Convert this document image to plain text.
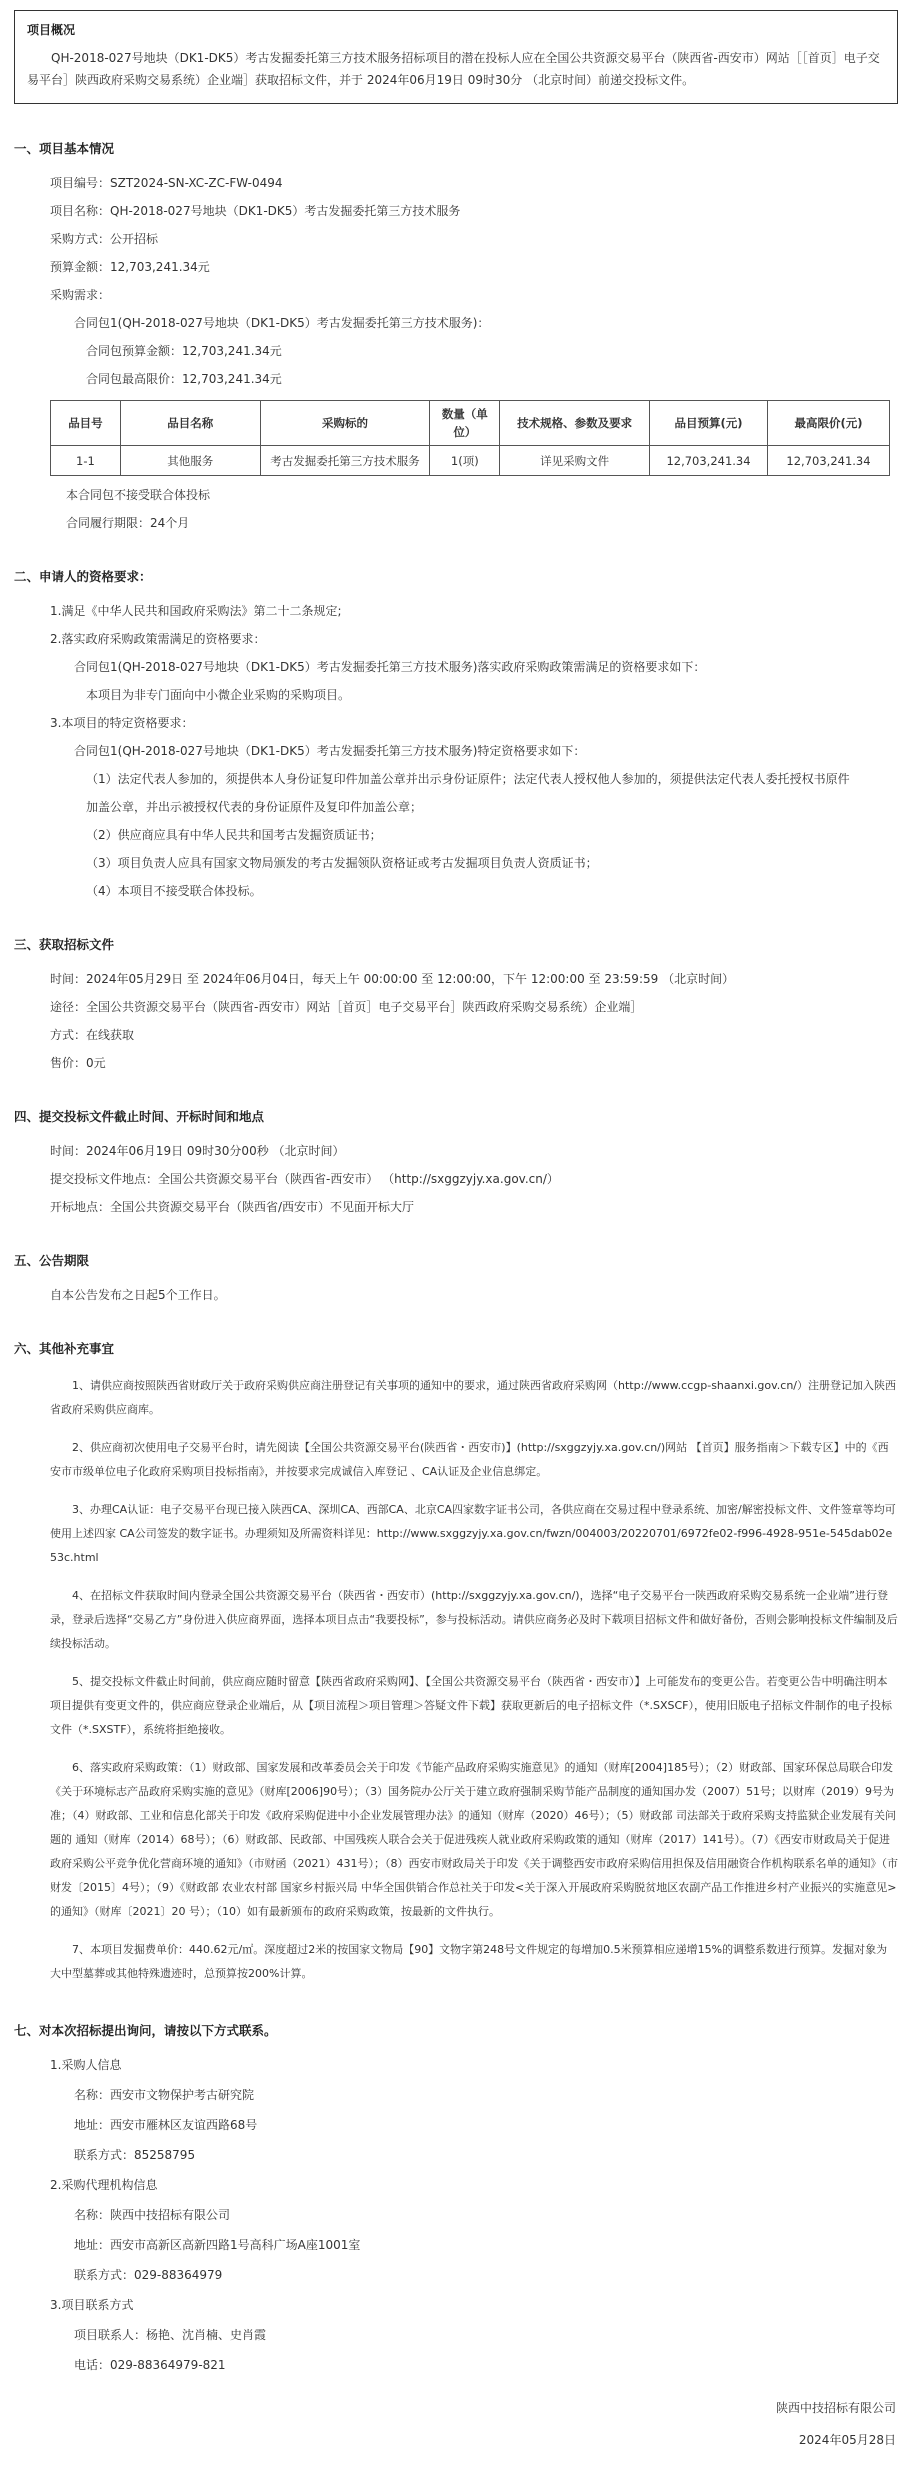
项目概况
QH-2018-027号地块（DK1-DK5）考古发掘委托第三方技术服务招标项目的潜在投标人应在全国公共资源交易平台（陕西省-西安市）网站［［首页］电子交易平台］陕西政府采购交易系统）企业端］获取招标文件，并于 2024年06月19日 09时30分 （北京时间）前递交投标文件。
一、项目基本情况
项目编号：SZT2024-SN-XC-ZC-FW-0494
项目名称：QH-2018-027号地块（DK1-DK5）考古发掘委托第三方技术服务
采购方式：公开招标
预算金额：12,703,241.34元
采购需求：
合同包1(QH-2018-027号地块（DK1-DK5）考古发掘委托第三方技术服务)：
合同包预算金额：12,703,241.34元
合同包最高限价：12,703,241.34元
品目号	品目名称	采购标的	数量（单位）	技术规格、参数及要求	品目预算(元)	最高限价(元)
1-1	其他服务	考古发掘委托第三方技术服务	1(项)	详见采购文件	12,703,241.34	12,703,241.34
本合同包不接受联合体投标
合同履行期限：24个月
二、申请人的资格要求：
1.满足《中华人民共和国政府采购法》第二十二条规定;
2.落实政府采购政策需满足的资格要求：
合同包1(QH-2018-027号地块（DK1-DK5）考古发掘委托第三方技术服务)落实政府采购政策需满足的资格要求如下：
本项目为非专门面向中小微企业采购的采购项目。
3.本项目的特定资格要求：
合同包1(QH-2018-027号地块（DK1-DK5）考古发掘委托第三方技术服务)特定资格要求如下：
（1）法定代表人参加的，须提供本人身份证复印件加盖公章并出示身份证原件；法定代表人授权他人参加的，须提供法定代表人委托授权书原件
加盖公章，并出示被授权代表的身份证原件及复印件加盖公章；
（2）供应商应具有中华人民共和国考古发掘资质证书；
（3）项目负责人应具有国家文物局颁发的考古发掘领队资格证或考古发掘项目负责人资质证书；
（4）本项目不接受联合体投标。
三、获取招标文件
时间：2024年05月29日 至 2024年06月04日，每天上午 00:00:00 至 12:00:00，下午 12:00:00 至 23:59:59 （北京时间）
途径：全国公共资源交易平台（陕西省-西安市）网站［首页］电子交易平台］陕西政府采购交易系统）企业端］
方式：在线获取
售价：0元
四、提交投标文件截止时间、开标时间和地点
时间：2024年06月19日 09时30分00秒 （北京时间）
提交投标文件地点：全国公共资源交易平台（陕西省-西安市） （http://sxggzyjy.xa.gov.cn/）
开标地点：全国公共资源交易平台（陕西省/西安市）不见面开标大厅
五、公告期限
自本公告发布之日起5个工作日。
六、其他补充事宜

1、请供应商按照陕西省财政厅关于政府采购供应商注册登记有关事项的通知中的要求，通过陕西省政府采购网（http://www.ccgp-shaanxi.gov.cn/）注册登记加入陕西省政府采购供应商库。

2、供应商初次使用电子交易平台时，请先阅读【全国公共资源交易平台(陕西省・西安市)】(http://sxggzyjy.xa.gov.cn/)网站 【首页】服务指南＞下载专区】中的《西安市市级单位电子化政府采购项目投标指南》，并按要求完成诚信入库登记 、CA认证及企业信息绑定。

3、办理CA认证：电子交易平台现已接入陕西CA、深圳CA、西部CA、北京CA四家数字证书公司，各供应商在交易过程中登录系统、加密/解密投标文件、文件签章等均可使用上述四家 CA公司签发的数字证书。办理须知及所需资料详见：http://www.sxggzyjy.xa.gov.cn/fwzn/004003/20220701/6972fe02-f996-4928-951e-545dab02e53c.html

4、在招标文件获取时间内登录全国公共资源交易平台（陕西省・西安市）(http://sxggzyjy.xa.gov.cn/)，选择“电子交易平台一陕西政府采购交易系统一企业端”进行登录，登录后选择“交易乙方”身份进入供应商界面，选择本项目点击“我要投标”，参与投标活动。请供应商务必及时下载项目招标文件和做好备份，否则会影响投标文件编制及后续投标活动。

5、提交投标文件截止时间前，供应商应随时留意【陕西省政府采购网】、【全国公共资源交易平台（陕西省・西安市）】上可能发布的变更公告。若变更公告中明确注明本项目提供有变更文件的，供应商应登录企业端后，从【项目流程＞项目管理＞答疑文件下载】获取更新后的电子招标文件（*.SXSCF），使用旧版电子招标文件制作的电子投标文件（*.SXSTF），系统将拒绝接收。

6、落实政府采购政策：（1）财政部、国家发展和改革委员会关于印发《节能产品政府采购实施意见》的通知（财库[2004]185号）；（2）财政部、国家环保总局联合印发《关于环境标志产品政府采购实施的意见》（财库[2006]90号）；（3）国务院办公厅关于建立政府强制采购节能产品制度的通知国办发（2007）51号；以财库（2019）9号为准；（4）财政部、工业和信息化部关于印发《政府采购促进中小企业发展管理办法》的通知（财库（2020）46号）；（5）财政部 司法部关于政府采购支持监狱企业发展有关问题的 通知（财库（2014）68号）；（6）财政部、民政部、中国残疾人联合会关于促进残疾人就业政府采购政策的通知（财库（2017）141号）。（7）《西安市财政局关于促进政府采购公平竞争优化营商环境的通知》（市财函（2021）431号）；（8）西安市财政局关于印发《关于调整西安市政府采购信用担保及信用融资合作机构联系名单的通知》（市财发〔2015〕4号）；（9）《财政部 农业农村部 国家乡村振兴局 中华全国供销合作总社关于印发<关于深入开展政府采购脱贫地区农副产品工作推进乡村产业振兴的实施意见>的通知》（财库〔2021〕20 号）；（10）如有最新颁布的政府采购政策，按最新的文件执行。

7、本项目发掘费单价：440.62元/㎡。深度超过2米的按国家文物局【90】文物字第248号文件规定的每增加0.5米预算相应递增15%的调整系数进行预算。发掘对象为大中型墓葬或其他特殊遗迹时，总预算按200%计算。

七、对本次招标提出询问，请按以下方式联系。
1.采购人信息
名称：西安市文物保护考古研究院
地址：西安市雁林区友谊西路68号
联系方式：85258795
2.采购代理机构信息
名称：陕西中技招标有限公司
地址：西安市高新区高新四路1号高科广场A座1001室
联系方式：029-88364979
3.项目联系方式
项目联系人：杨艳、沈肖楠、史肖霞
电话：029-88364979-821
陕西中技招标有限公司
2024年05月28日
